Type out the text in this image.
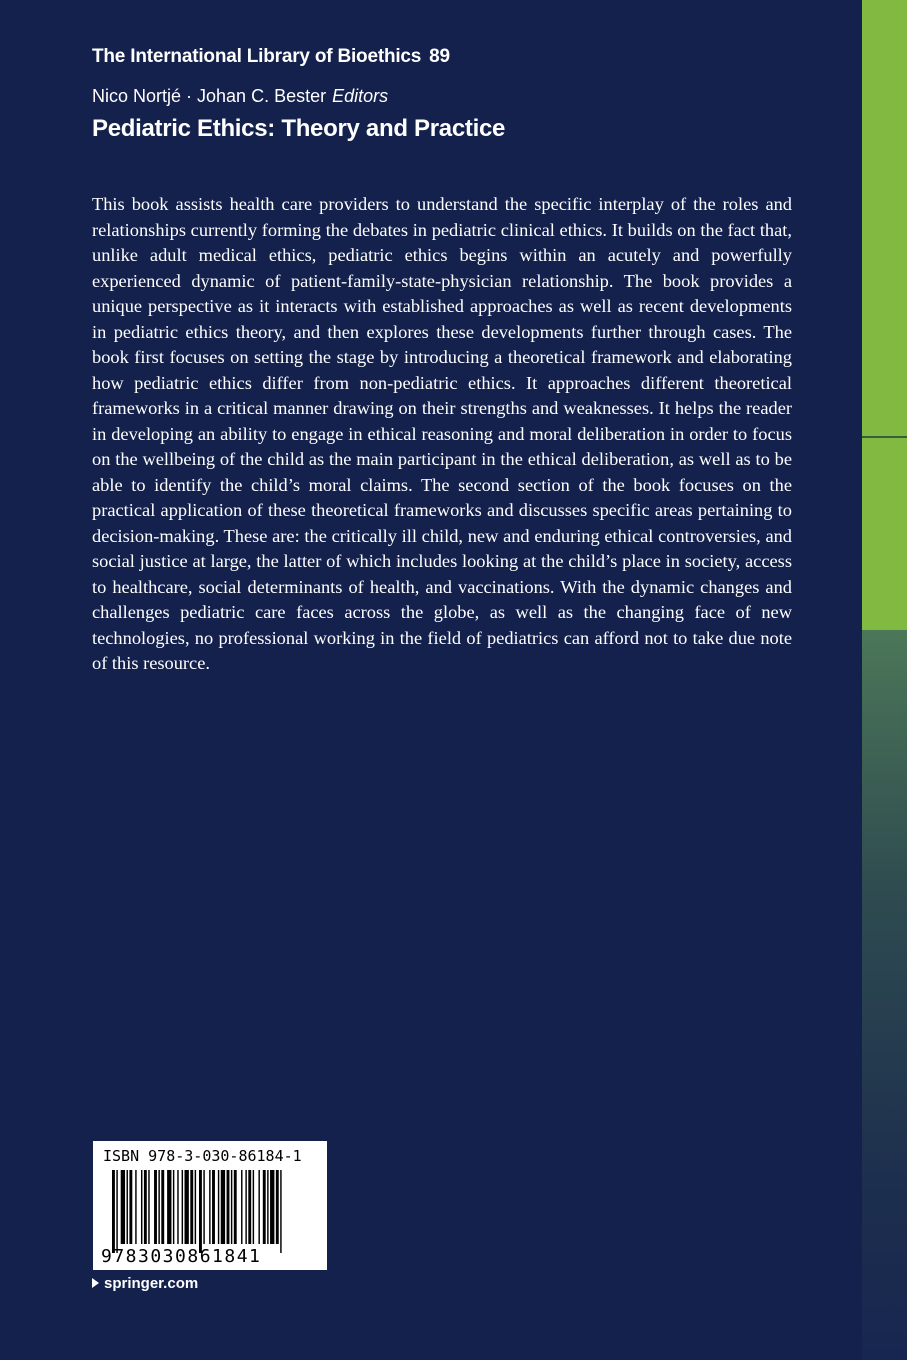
The International Library of Bioethics 89
Nico Nortjé · Johan C. Bester Editors
Pediatric Ethics: Theory and Practice
This book assists health care providers to understand the specific interplay of the roles and relationships currently forming the debates in pediatric clinical ethics. It builds on the fact that, unlike adult medical ethics, pediatric ethics begins within an acutely and powerfully experienced dynamic of patient-family-state-physician relationship. The book provides a unique perspective as it interacts with established approaches as well as recent developments in pediatric ethics theory, and then explores these developments further through cases. The book first focuses on setting the stage by introducing a theoretical framework and elaborating how pediatric ethics differ from non-pediatric ethics. It approaches different theoretical frameworks in a critical manner drawing on their strengths and weaknesses. It helps the reader in developing an ability to engage in ethical reasoning and moral deliberation in order to focus on the wellbeing of the child as the main participant in the ethical deliberation, as well as to be able to identify the child’s moral claims. The second section of the book focuses on the practical application of these theoretical frameworks and discusses specific areas pertaining to decision-making. These are: the critically ill child, new and enduring ethical controversies, and social justice at large, the latter of which includes looking at the child’s place in society, access to healthcare, social determinants of health, and vaccinations. With the dynamic changes and challenges pediatric care faces across the globe, as well as the changing face of new technologies, no professional working in the field of pediatrics can afford not to take due note of this resource.
ISBN 978-3-030-86184-1
9783030861841
springer.com
